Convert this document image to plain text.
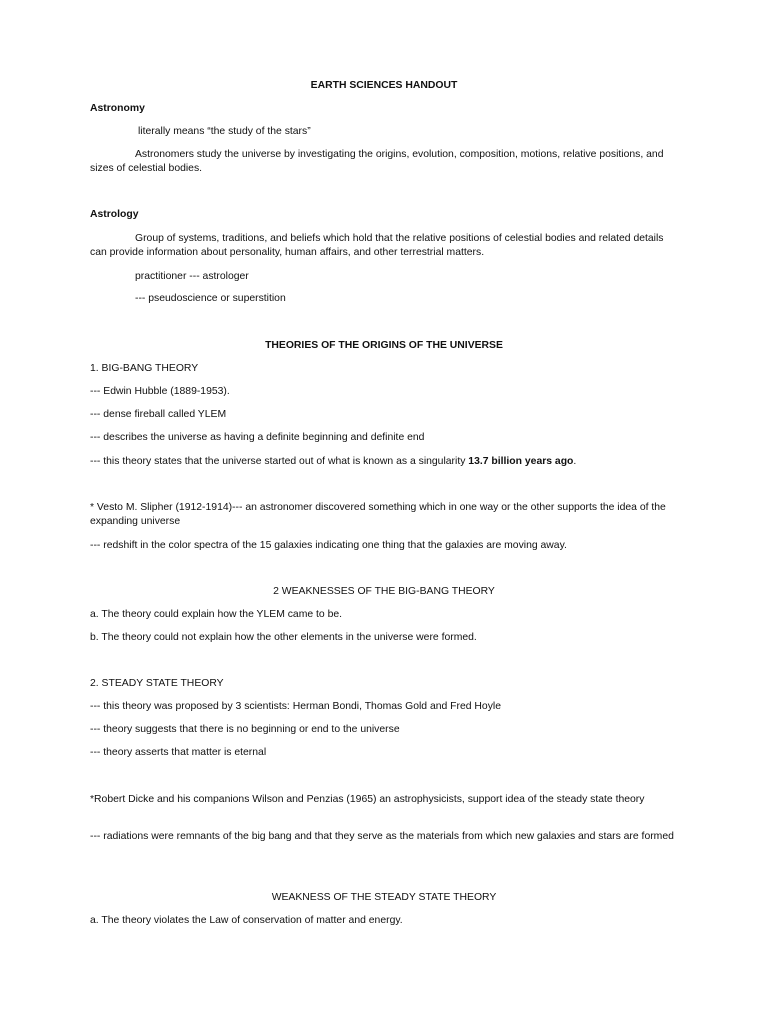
EARTH SCIENCES HANDOUT

Astronomy

literally means “the study of the stars”

Astronomers study the universe by investigating the origins, evolution, composition, motions, relative positions, and sizes of celestial bodies.

Astrology

Group of systems, traditions, and beliefs which hold that the relative positions of celestial bodies and related details can provide information about personality, human affairs, and other terrestrial matters.

practitioner --- astrologer

--- pseudoscience or superstition

THEORIES OF THE ORIGINS OF THE UNIVERSE

1. BIG-BANG THEORY

--- Edwin Hubble (1889-1953).

--- dense fireball called YLEM

--- describes the universe as having a definite beginning and definite end

--- this theory states that the universe started out of what is known as a singularity 13.7 billion years ago.

* Vesto M. Slipher (1912-1914)--- an astronomer discovered something which in one way or the other supports the idea of the expanding universe

--- redshift in the color spectra of the 15 galaxies indicating one thing that the galaxies are moving away.

2 WEAKNESSES OF THE BIG-BANG THEORY

a. The theory could explain how the YLEM came to be.

b. The theory could not explain how the other elements in the universe were formed.

2. STEADY STATE THEORY

--- this theory was proposed by 3 scientists: Herman Bondi, Thomas Gold and Fred Hoyle

--- theory suggests that there is no beginning or end to the universe

--- theory asserts that matter is eternal

*Robert Dicke and his companions Wilson and Penzias (1965) an astrophysicists, support idea of the steady state theory

--- radiations were remnants of the big bang and that they serve as the materials from which new galaxies and stars are formed

WEAKNESS OF THE STEADY STATE THEORY

a. The theory violates the Law of conservation of matter and energy.
